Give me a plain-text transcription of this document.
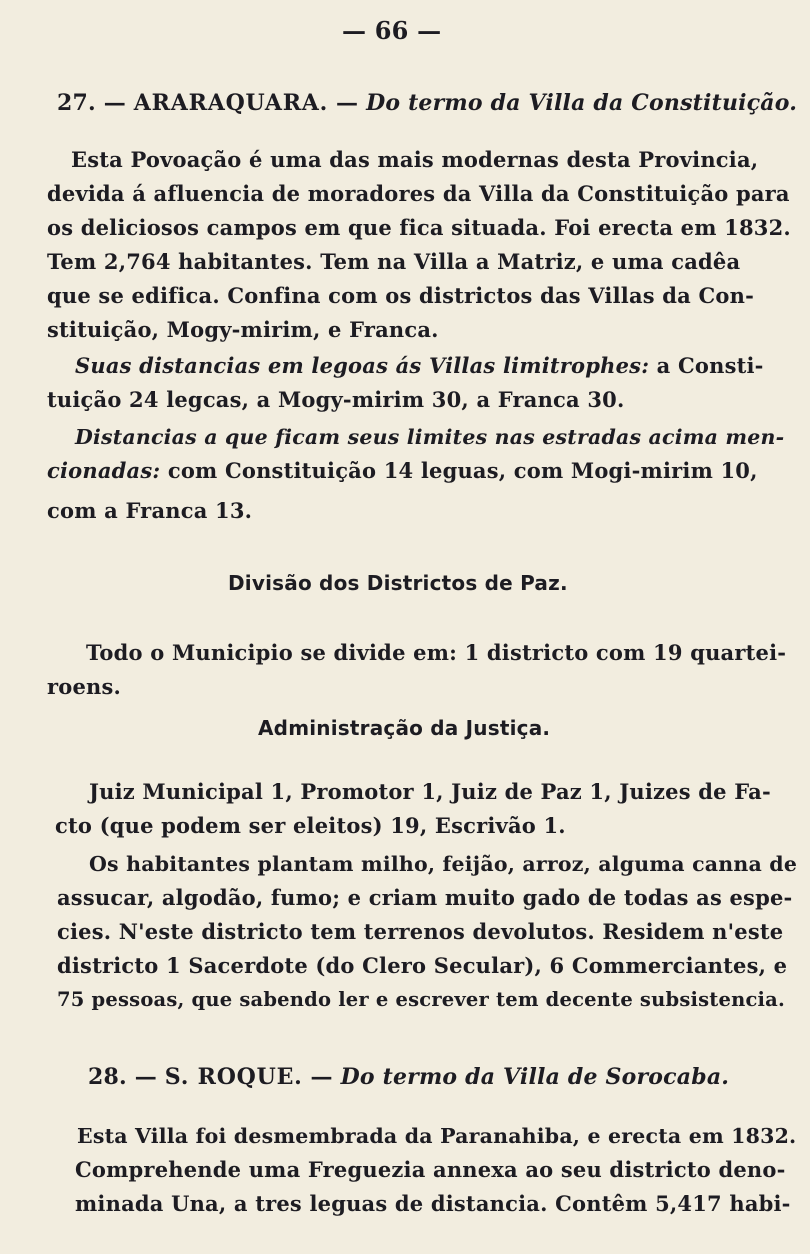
— 66 —
27. — ARARAQUARA. — Do termo da Villa da Constituição.
Esta Povoação é uma das mais modernas desta Provincia,
devida á afluencia de moradores da Villa da Constituição para
os deliciosos campos em que fica situada. Foi erecta em 1832.
Tem 2,764 habitantes. Tem na Villa a Matriz, e uma cadêa
que se edifica. Confina com os districtos das Villas da Con-
stituição, Mogy-mirim, e Franca.
Suas distancias em legoas ás Villas limitrophes: a Consti-
tuição 24 legcas, a Mogy-mirim 30, a Franca 30.
Distancias a que ficam seus limites nas estradas acima men-
cionadas: com Constituição 14 leguas, com Mogi-mirim 10,
com a Franca 13.
Divisão dos Districtos de Paz.
Todo o Municipio se divide em: 1 districto com 19 quartei-
roens.
Administração da Justiça.
Juiz Municipal 1, Promotor 1, Juiz de Paz 1, Juizes de Fa-
cto (que podem ser eleitos) 19, Escrivão 1.
Os habitantes plantam milho, feijão, arroz, alguma canna de
assucar, algodão, fumo; e criam muito gado de todas as espe-
cies. N'este districto tem terrenos devolutos. Residem n'este
districto 1 Sacerdote (do Clero Secular), 6 Commerciantes, e
75 pessoas, que sabendo ler e escrever tem decente subsistencia.
28. — S. ROQUE. — Do termo da Villa de Sorocaba.
Esta Villa foi desmembrada da Paranahiba, e erecta em 1832.
Comprehende uma Freguezia annexa ao seu districto deno-
minada Una, a tres leguas de distancia. Contêm 5,417 habi-
